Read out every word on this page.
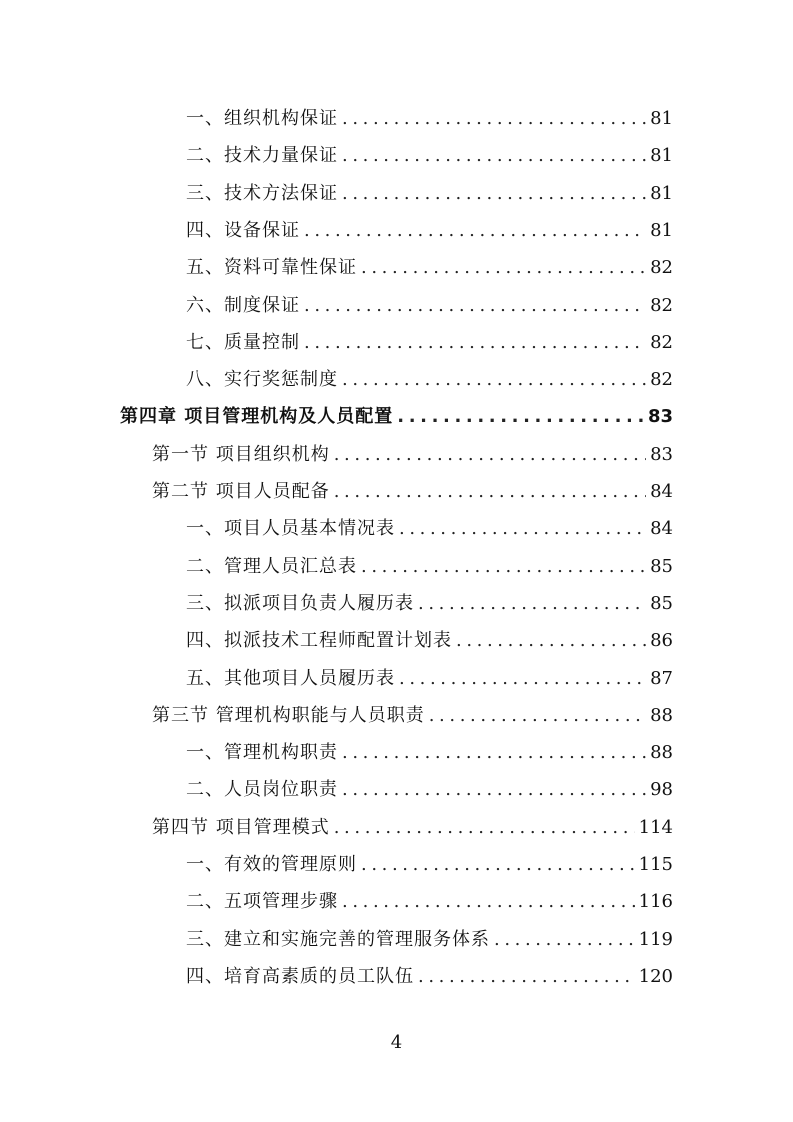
一、组织机构保证 .....	81
二、技术力量保证 .....	81
三、技术方法保证 .....	81
四、设备保证 .....	81
五、资料可靠性保证 .....	82
六、制度保证 .....	82
七、质量控制 .....	82
八、实行奖惩制度 .....	82
第四章 项目管理机构及人员配置 .....	83
第一节 项目组织机构 .....	83
第二节 项目人员配备 .....	84
一、项目人员基本情况表 .....	84
二、管理人员汇总表 .....	85
三、拟派项目负责人履历表 .....	85
四、拟派技术工程师配置计划表 .....	86
五、其他项目人员履历表 .....	87
第三节 管理机构职能与人员职责 .....	88
一、管理机构职责 .....	88
二、人员岗位职责 .....	98
第四节 项目管理模式 .....	114
一、有效的管理原则 .....	115
二、五项管理步骤 .....	116
三、建立和实施完善的管理服务体系 .....	119
四、培育高素质的员工队伍 .....	120
4
